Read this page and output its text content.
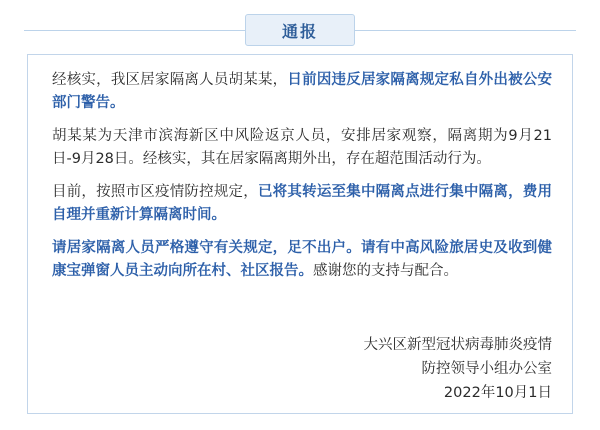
通报

经核实，我区居家隔离人员胡某某，日前因违反居家隔离规定私自外出被公安部门警告。

胡某某为天津市滨海新区中风险返京人员，安排居家观察，隔离期为9月21日-9月28日。经核实，其在居家隔离期外出，存在超范围活动行为。

目前，按照市区疫情防控规定，已将其转运至集中隔离点进行集中隔离，费用自理并重新计算隔离时间。

请居家隔离人员严格遵守有关规定，足不出户。请有中高风险旅居史及收到健康宝弹窗人员主动向所在村、社区报告。感谢您的支持与配合。

大兴区新型冠状病毒肺炎疫情
防控领导小组办公室
2022年10月1日
